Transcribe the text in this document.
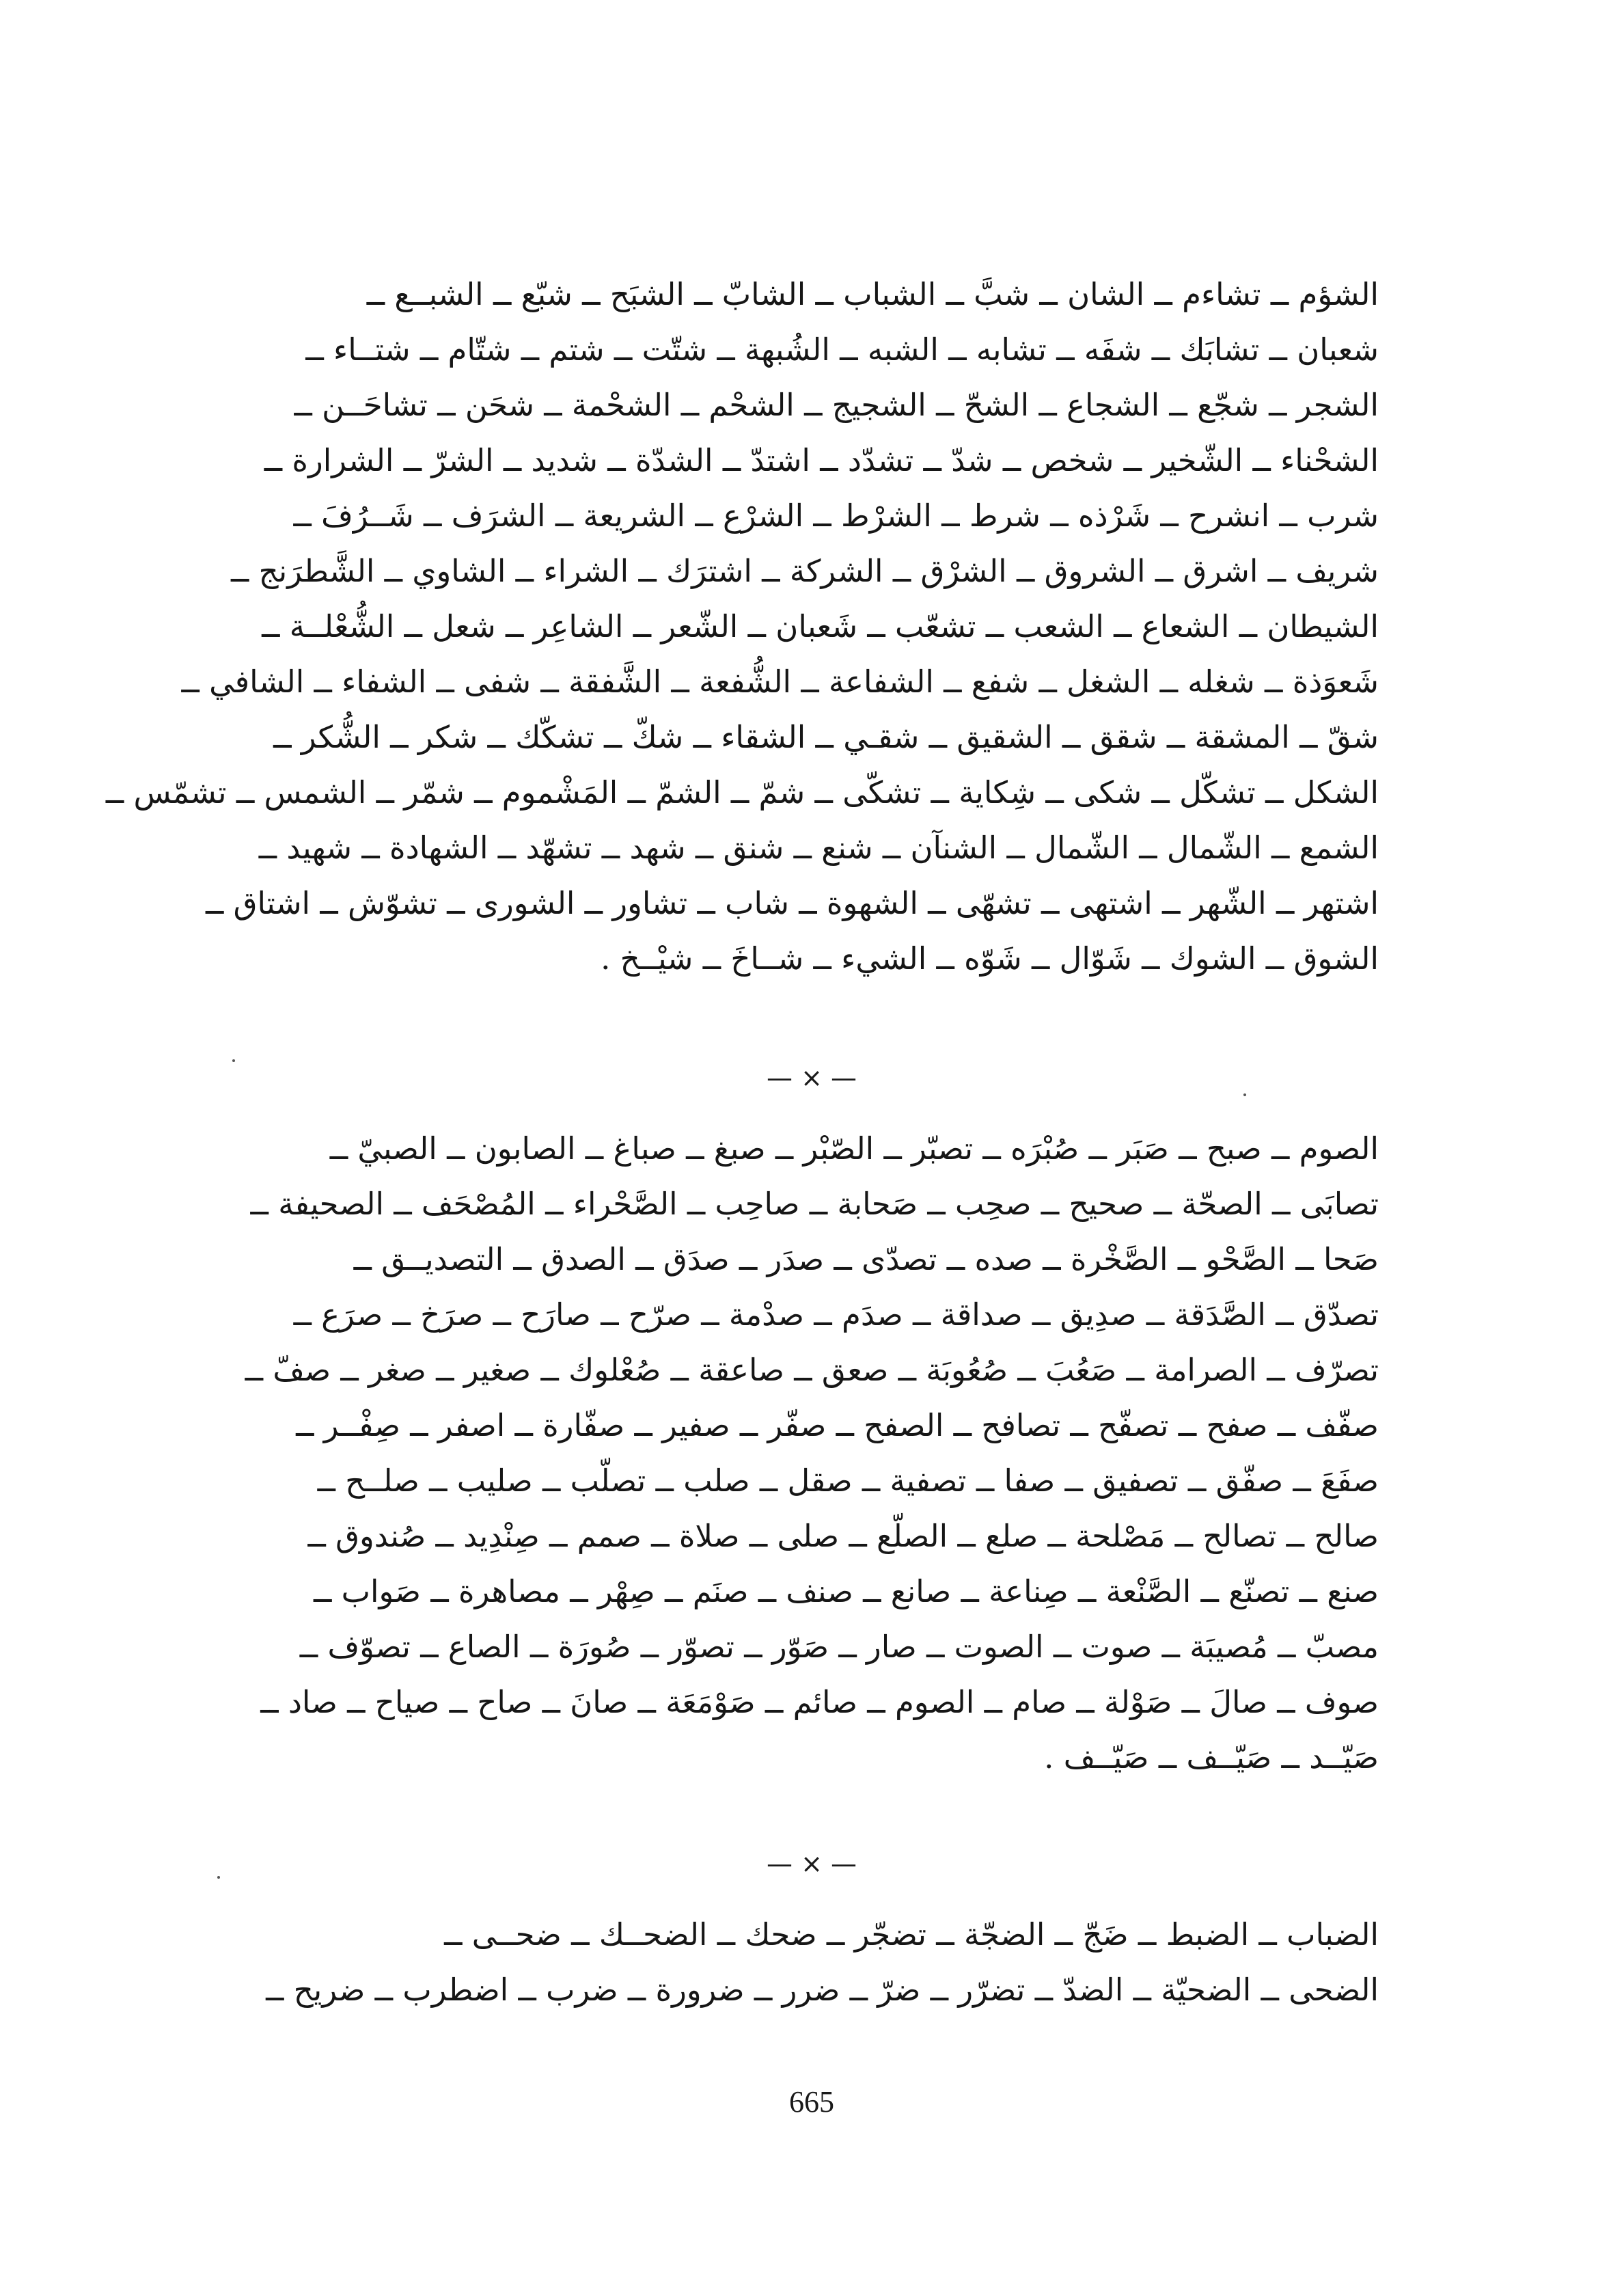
الشؤم ــ تشاءم ــ الشان ــ شبَّ ــ الشباب ــ الشابّ ــ الشبَح ــ شبّع ــ الشبــع ــ
شعبان ــ تشابَك ــ شفَه ــ تشابه ــ الشبه ــ الشُبهة ــ شتّت ــ شتم ــ شتّام ــ شتــاء ــ
الشجر ــ شجّع ــ الشجاع ــ الشحّ ــ الشجيج ــ الشحْم ــ الشحْمة ــ شحَن ــ تشاحَــن ــ
الشحْناء ــ الشّخير ــ شخص ــ شدّ ــ تشدّد ــ اشتدّ ــ الشدّة ــ شديد ــ الشرّ ــ الشرارة ــ
شرب ــ انشرح ــ شَرْذه ــ شرط ــ الشرْط ــ الشرْع ــ الشريعة ــ الشرَف ــ شَــرُفَ ــ
شريف ــ اشرق ــ الشروق ــ الشرْق ــ الشركة ــ اشترَك ــ الشراء ــ الشاوي ــ الشَّطرَنج ــ
الشيطان ــ الشعاع ــ الشعب ــ تشعّب ــ شَعبان ــ الشّعر ــ الشاعِر ــ شعل ــ الشُّعْلــة ــ
شَعوَذة ــ شغله ــ الشغل ــ شفع ــ الشفاعة ــ الشُّفعة ــ الشَّفقة ــ شفى ــ الشفاء ــ الشافي ــ
شقّ ــ المشقة ــ شقق ــ الشقيق ــ شقـي ــ الشقاء ــ شكّ ــ تشكّك ــ شكر ــ الشُّكر ــ
الشكل ــ تشكّل ــ شكى ــ شِكاية ــ تشكّى ــ شمّ ــ الشمّ ــ المَشْموم ــ شمّر ــ الشمس ــ تشمّس ــ
الشمع ــ الشّمال ــ الشّمال ــ الشنآن ــ شنع ــ شنق ــ شهد ــ تشهّد ــ الشهادة ــ شهيد ــ
اشتهر ــ الشّهر ــ اشتهى ــ تشهّى ــ الشهوة ــ شاب ــ تشاور ــ الشورى ــ تشوّش ــ اشتاق ــ
الشوق ــ الشوك ــ شَوّال ــ شَوّه ــ الشيء ــ شــاخَ ــ شيْــخ .
— × —
الصوم ــ صبح ــ صَبَر ــ صُبْرَه ــ تصبّر ــ الصّبْر ــ صبغ ــ صباغ ــ الصابون ــ الصبيّ ــ
تصابَى ــ الصحّة ــ صحيح ــ صحِب ــ صَحابة ــ صاحِب ــ الصَّحْراء ــ المُصْحَف ــ الصحيفة ــ
صَحا ــ الصَّحْو ــ الصَّخْرة ــ صده ــ تصدّى ــ صدَر ــ صدَق ــ الصدق ــ التصديــق ــ
تصدّق ــ الصَّدَقة ــ صدِيق ــ صداقة ــ صدَم ــ صدْمة ــ صرّح ــ صارَح ــ صرَخ ــ صرَع ــ
تصرّف ــ الصرامة ــ صَعُبَ ــ صُعُوبَة ــ صعق ــ صاعقة ــ صُعْلوك ــ صغير ــ صغر ــ صفّ ــ
صفّف ــ صفح ــ تصفّح ــ تصافح ــ الصفح ــ صفّر ــ صفير ــ صفّارة ــ اصفر ــ صِفْــر ــ
صفَعَ ــ صفّق ــ تصفيق ــ صفا ــ تصفية ــ صقل ــ صلب ــ تصلّب ــ صليب ــ صلــح ــ
صالح ــ تصالح ــ مَصْلحة ــ صلع ــ الصلّع ــ صلى ــ صلاة ــ صمم ــ صِنْدِيد ــ صُندوق ــ
صنع ــ تصنّع ــ الصَّنْعة ــ صِناعة ــ صانع ــ صنف ــ صنَم ــ صِهْر ــ مصاهرة ــ صَواب ــ
مصبّ ــ مُصيبَة ــ صوت ــ الصوت ــ صار ــ صَوّر ــ تصوّر ــ صُورَة ــ الصاع ــ تصوّف ــ
صوف ــ صالَ ــ صَوْلة ــ صام ــ الصوم ــ صائم ــ صَوْمَعَة ــ صانَ ــ صاح ــ صياح ــ صاد ــ
صَيّــد ــ صَيّــف ــ صَيّــف .
— × —
الضباب ــ الضبط ــ ضَجّ ــ الضجّة ــ تضجّر ــ ضحك ــ الضحــك ــ ضحــى ــ
الضحى ــ الضحيّة ــ الضدّ ــ تضرّر ــ ضرّ ــ ضرر ــ ضرورة ــ ضرب ــ اضطرب ــ ضريح ــ
665
